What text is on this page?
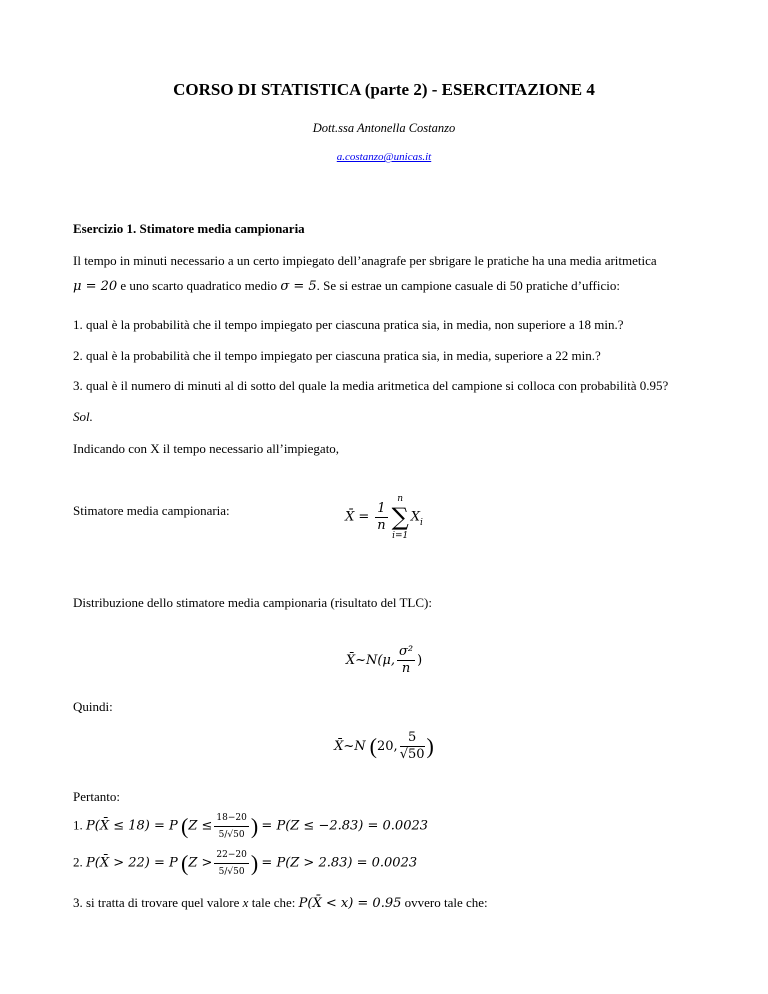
CORSO DI STATISTICA (parte 2) - ESERCITAZIONE 4
Dott.ssa Antonella Costanzo
a.costanzo@unicas.it
Esercizio 1. Stimatore media campionaria
Il tempo in minuti necessario a un certo impiegato dell’anagrafe per sbrigare le pratiche ha una media aritmetica
μ = 20 e uno scarto quadratico medio σ = 5. Se si estrae un campione casuale di 50 pratiche d’ufficio:
1. qual è la probabilità che il tempo impiegato per ciascuna pratica sia, in media, non superiore a 18 min.?
2. qual è la probabilità che il tempo impiegato per ciascuna pratica sia, in media, superiore a 22 min.?
3. qual è il numero di minuti al di sotto del quale la media aritmetica del campione si colloca con probabilità 0.95?
Sol.
Indicando con X il tempo necessario all’impiegato,
Stimatore media campionaria:	X̄ = $\frac{1}{n}$
n
∑
$i=1X_i$
Distribuzione dello stimatore media campionaria (risultato del TLC):
X̄~N(μ, $\frac{\text{σ²}}{n}$ )
Quindi:
X̄~N (20, $\frac{5}{√50}$ )
Pertanto:
1. P(X̄ ≤ 18) = P ($Z \le \frac{18-20}{5/√50}$ ) = P(Z ≤ −2.83) = 0.0023
2. P(X̄ > 22) = P ($Z > \frac{22-20}{5/√50}$ ) = P(Z > 2.83) = 0.0023
3. si tratta di trovare quel valore x tale che: P(X̄ < x) = 0.95 ovvero tale che:
